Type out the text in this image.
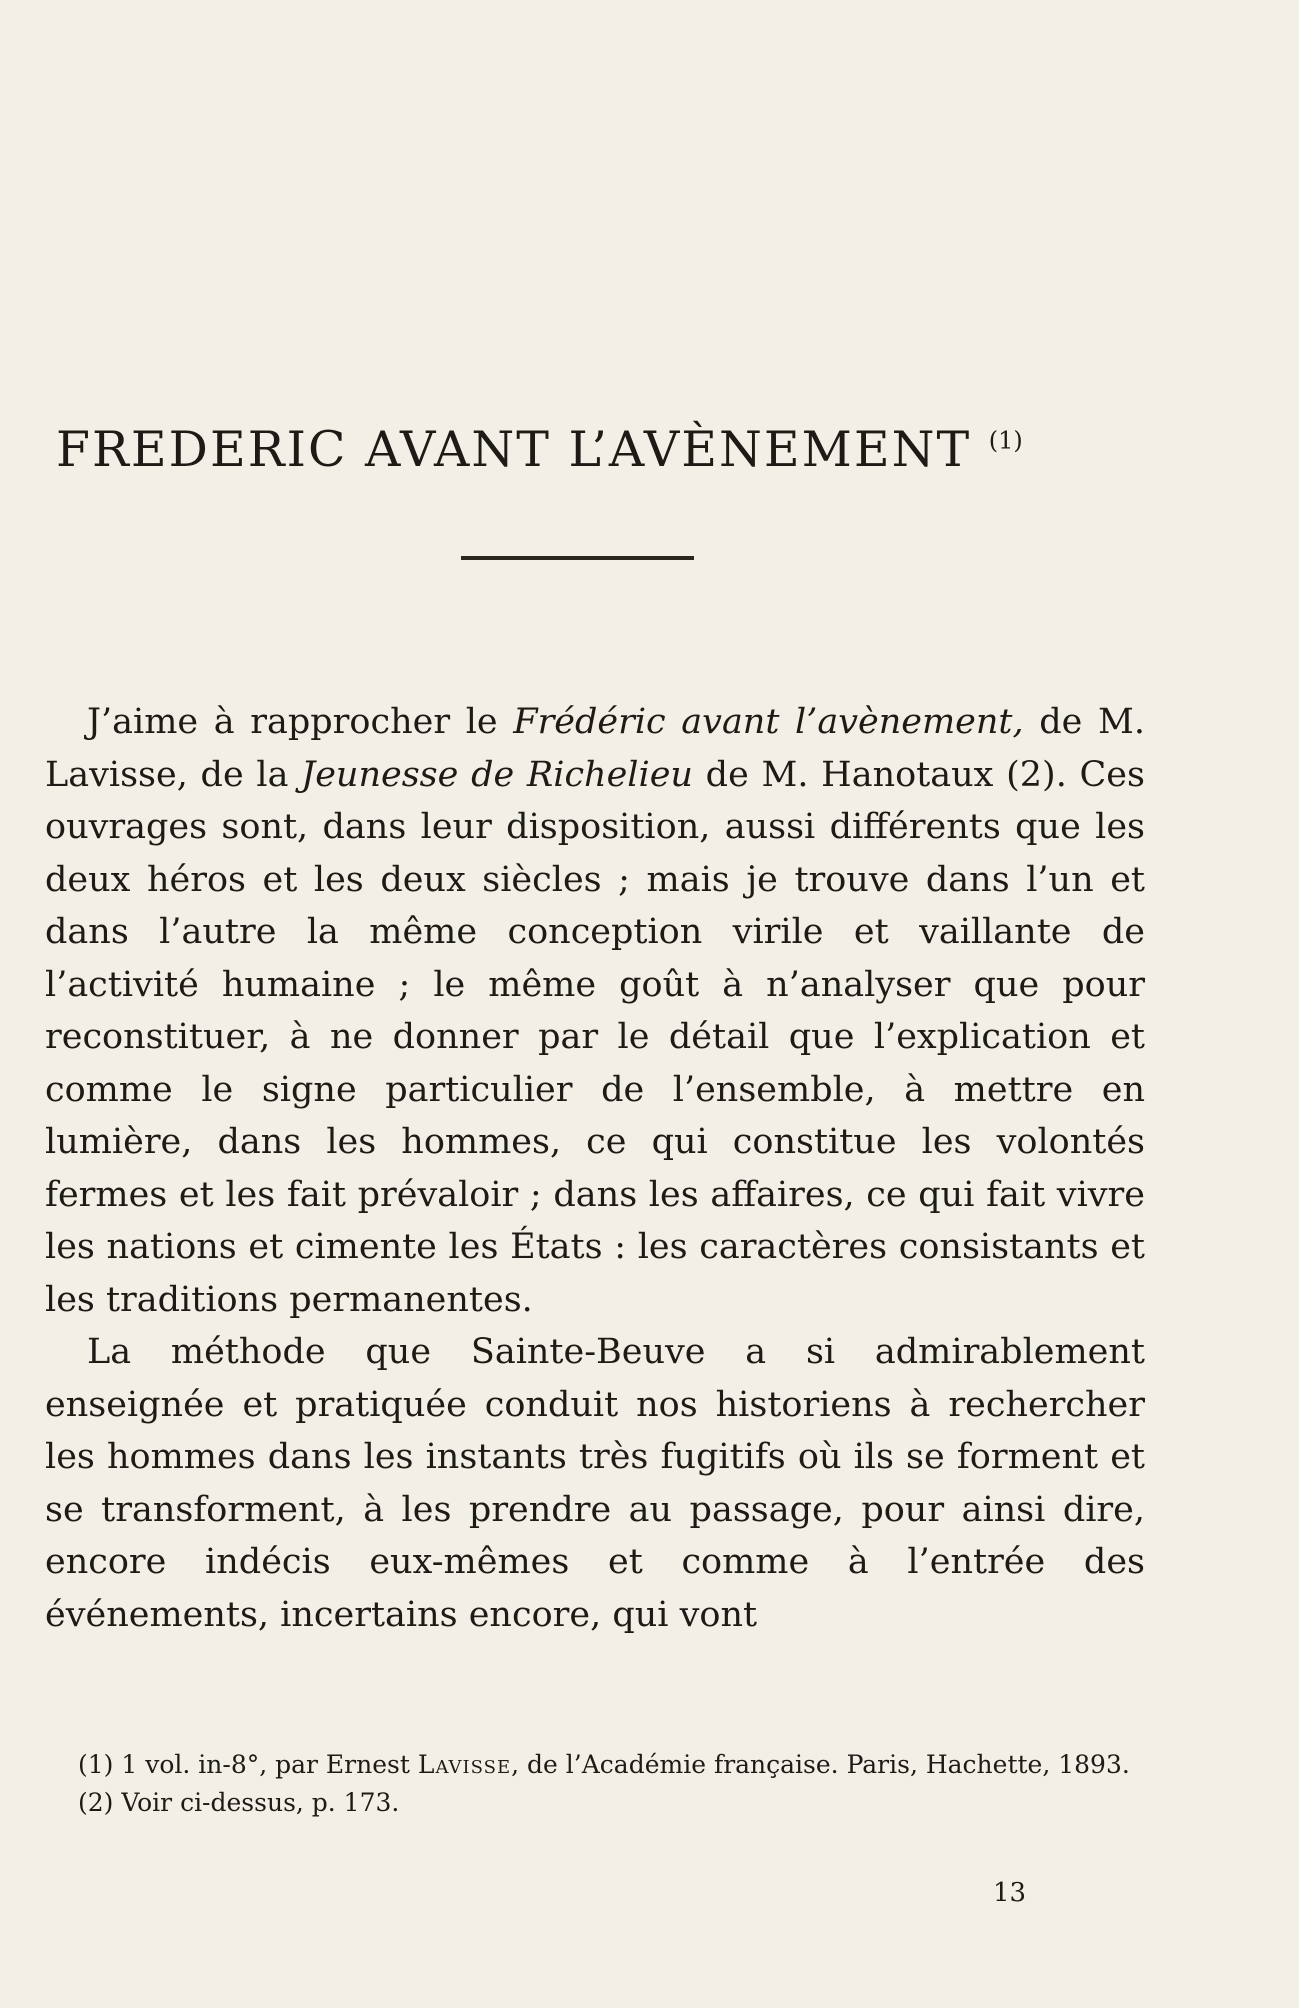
FREDERIC AVANT L’AVÈNEMENT $^{(1)}$

J’aime à rapprocher le Frédéric avant l’avènement, de M. Lavisse, de la Jeunesse de Richelieu de M. Hanotaux (2). Ces ouvrages sont, dans leur disposition, aussi différents que les deux héros et les deux siècles ; mais je trouve dans l’un et dans l’autre la même conception virile et vaillante de l’activité humaine ; le même goût à n’analyser que pour reconstituer, à ne donner par le détail que l’explication et comme le signe particulier de l’ensemble, à mettre en lumière, dans les hommes, ce qui constitue les volontés fermes et les fait prévaloir ; dans les affaires, ce qui fait vivre les nations et cimente les États : les caractères consistants et les traditions permanentes.

La méthode que Sainte-Beuve a si admirablement enseignée et pratiquée conduit nos historiens à rechercher les hommes dans les instants très fugitifs où ils se forment et se transforment, à les prendre au passage, pour ainsi dire, encore indécis eux-mêmes et comme à l’entrée des événements, incertains encore, qui vont

(1) 1 vol. in-8°, par Ernest Lavisse, de l’Académie française. Paris, Hachette, 1893.

(2) Voir ci-dessus, p. 173.

13
